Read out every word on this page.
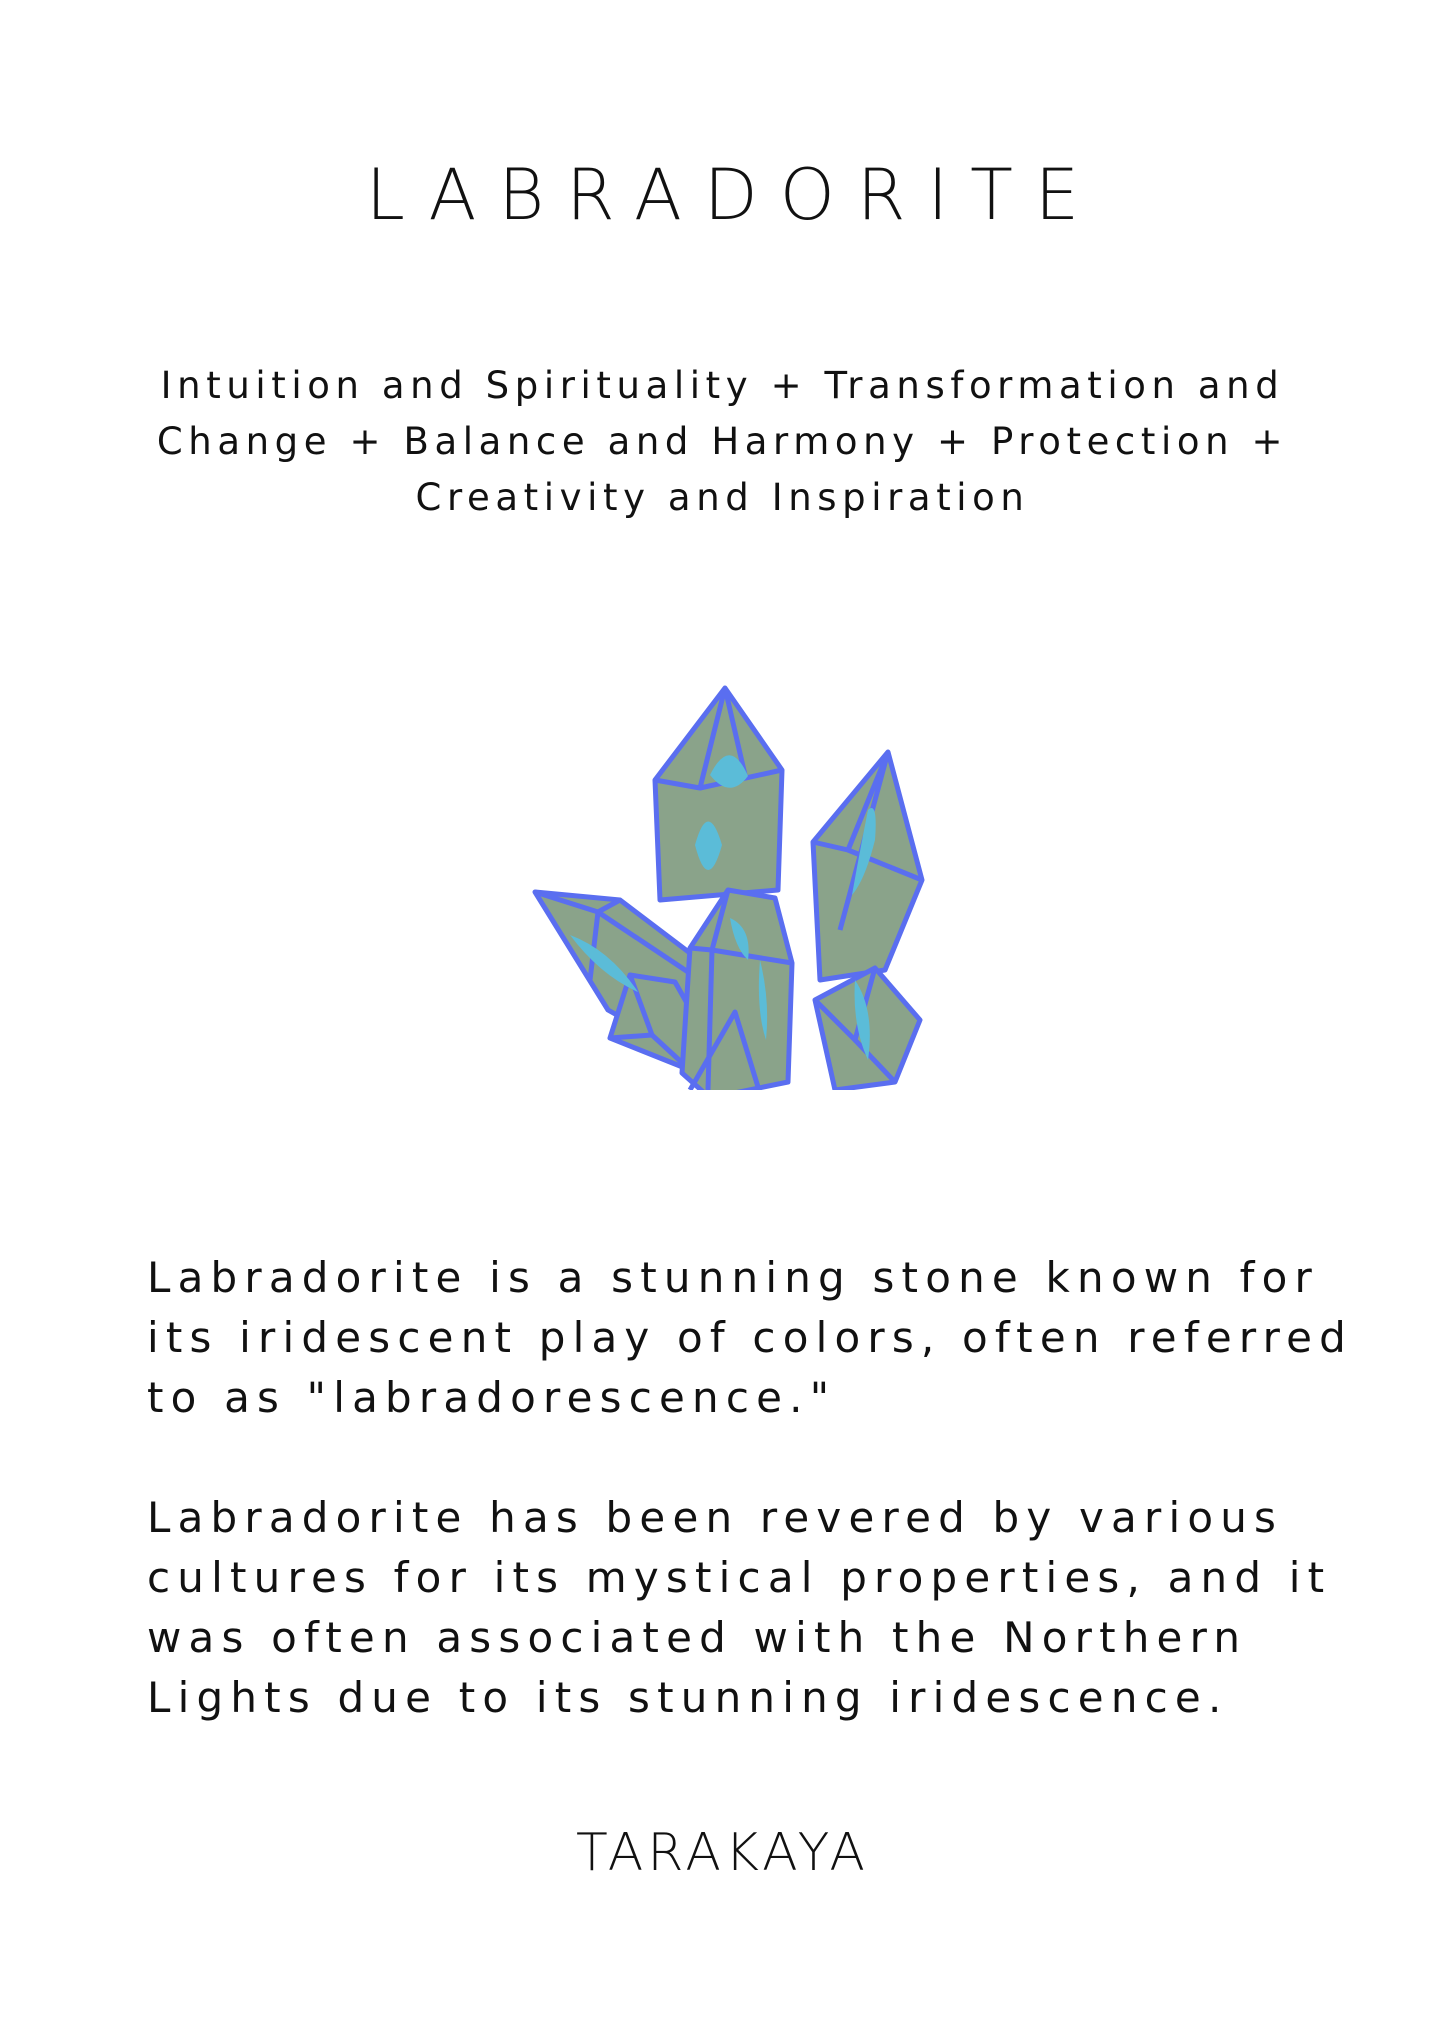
LABRADORITE
Intuition and Spirituality + Transformation and Change + Balance and Harmony + Protection + Creativity and Inspiration
Labradorite is a stunning stone known for its iridescent play of colors, often referred to as "labradorescence."
Labradorite has been revered by various cultures for its mystical properties, and it was often associated with the Northern Lights due to its stunning iridescence.
TARAKAYA
